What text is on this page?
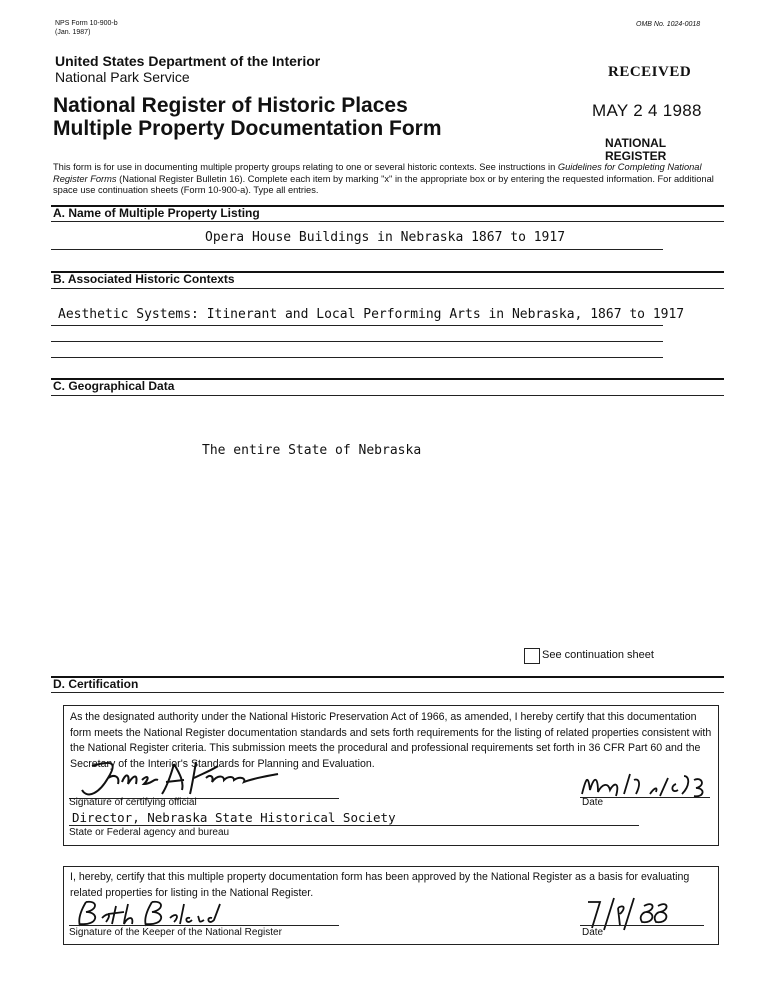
NPS Form 10-900-b
(Jan. 1987)
OMB No. 1024-0018
United States Department of the Interior
National Park Service
National Register of Historic Places
Multiple Property Documentation Form
RECEIVED
MAY 2 4 1988
NATIONAL
REGISTER
This form is for use in documenting multiple property groups relating to one or several historic contexts. See instructions in Guidelines for Completing National Register Forms (National Register Bulletin 16). Complete each item by marking "x" in the appropriate box or by entering the requested information. For additional space use continuation sheets (Form 10-900-a). Type all entries.
A. Name of Multiple Property Listing
Opera House Buildings in Nebraska 1867 to 1917
B. Associated Historic Contexts
Aesthetic Systems: Itinerant and Local Performing Arts in Nebraska, 1867 to 1917
C. Geographical Data
The entire State of Nebraska
See continuation sheet
D. Certification
As the designated authority under the National Historic Preservation Act of 1966, as amended, I hereby certify that this documentation form meets the National Register documentation standards and sets forth requirements for the listing of related properties consistent with the National Register criteria. This submission meets the procedural and professional requirements set forth in 36 CFR Part 60 and the Secretary of the Interior's Standards for Planning and Evaluation.
Signature of certifying official	Date
Director, Nebraska State Historical Society
State or Federal agency and bureau
I, hereby, certify that this multiple property documentation form has been approved by the National Register as a basis for evaluating related properties for listing in the National Register.
Signature of the Keeper of the National Register	Date
